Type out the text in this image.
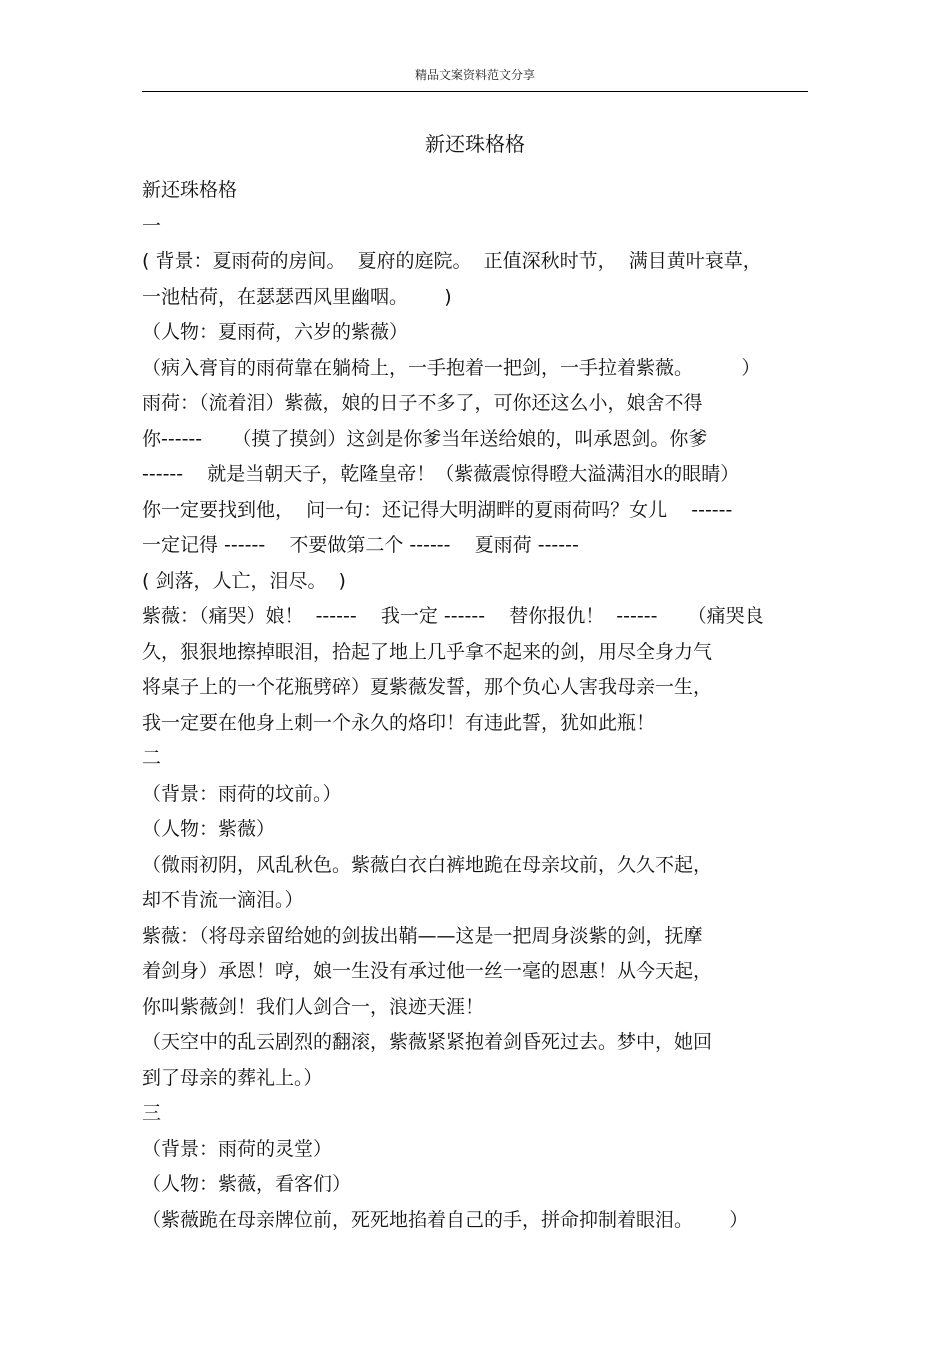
精品文案资料范文分享
新还珠格格
新还珠格格
一
( 背景：夏雨荷的房间。  夏府的庭院。  正值深秋时节，  满目黄叶衰草，
一池枯荷，在瑟瑟西风里幽咽。      )
（人物：夏雨荷，六岁的紫薇）
（病入膏肓的雨荷靠在躺椅上，一手抱着一把剑，一手拉着紫薇。        ）
雨荷：（流着泪）紫薇，娘的日子不多了，可你还这么小，娘舍不得
你------     （摸了摸剑）这剑是你爹当年送给娘的，叫承恩剑。你爹
------    就是当朝天子，乾隆皇帝！（紫薇震惊得瞪大溢满泪水的眼睛）
你一定要找到他，  问一句：还记得大明湖畔的夏雨荷吗？女儿    ------
一定记得 ------    不要做第二个 ------    夏雨荷 ------
( 剑落，人亡，泪尽。  )
紫薇：（痛哭）娘！  ------    我一定 ------    替你报仇！  ------     （痛哭良
久，狠狠地擦掉眼泪，拾起了地上几乎拿不起来的剑，用尽全身力气
将桌子上的一个花瓶劈碎）夏紫薇发誓，那个负心人害我母亲一生，
我一定要在他身上刺一个永久的烙印！有违此誓，犹如此瓶！
二
（背景：雨荷的坟前。）
（人物：紫薇）
（微雨初阴，风乱秋色。紫薇白衣白裤地跪在母亲坟前，久久不起，
却不肯流一滴泪。）
紫薇：（将母亲留给她的剑拔出鞘——这是一把周身淡紫的剑，抚摩
着剑身）承恩！哼，娘一生没有承过他一丝一毫的恩惠！从今天起，
你叫紫薇剑！我们人剑合一，浪迹天涯！
（天空中的乱云剧烈的翻滚，紫薇紧紧抱着剑昏死过去。梦中，她回
到了母亲的葬礼上。）
三
（背景：雨荷的灵堂）
（人物：紫薇，看客们）
（紫薇跪在母亲牌位前，死死地掐着自己的手，拼命抑制着眼泪。      ）
